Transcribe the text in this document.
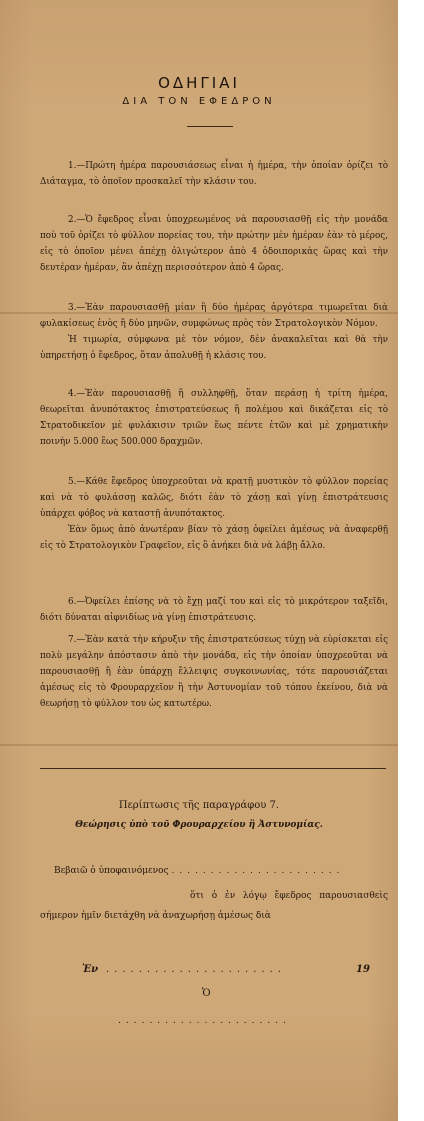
ΟΔΗΓΙΑΙ
ΔΙΑ ΤΟΝ ΕΦΕΔΡΟΝ
1.—Πρώτη ἡμέρα παρουσιάσεως εἶναι ἡ ἡμέρα, τὴν ὁποίαν ὁρίζει τὸ Διάταγμα, τὸ ὁποῖον προσκαλεῖ τὴν κλάσιν του.
2.—Ὁ ἔφεδρος εἶναι ὑποχρεωμένος νὰ παρουσιασθῇ εἰς τὴν μονάδα ποὺ τοῦ ὁρίζει τὸ φύλλον πορείας του, τὴν πρώτην μὲν ἡμέραν ἐὰν τὸ μέρος, εἰς τὸ ὁποῖον μένει ἀπέχῃ ὀλιγώτερον ἀπὸ 4 ὁδοιπορικὰς ὥρας καὶ τὴν δευτέραν ἡμέραν, ἂν ἀπέχῃ περισσότερον ἀπὸ 4 ὥρας.
3.—Ἐὰν παρουσιασθῇ μίαν ἢ δύο ἡμέρας ἀργότερα τιμωρεῖται διὰ φυλακίσεως ἑνὸς ἢ δύο μηνῶν, συμφώνως πρὸς τὸν Στρατολογικὸν Νόμον.
Ἡ τιμωρία, σύμφωνα μὲ τὸν νόμον, δὲν ἀνακαλεῖται καὶ θὰ τὴν ὑπηρετήσῃ ὁ ἔφεδρος, ὅταν ἀπολυθῇ ἡ κλάσις του.
4.—Ἐὰν παρουσιασθῇ ἢ συλληφθῇ, ὅταν περάσῃ ἡ τρίτη ἡμέρα, θεωρεῖται ἀνυπότακτος ἐπιστρατεύσεως ἢ πολέμου καὶ δικάζεται εἰς τὸ Στρατοδικεῖον μὲ φυλάκισιν τριῶν ἕως πέντε ἐτῶν καὶ μὲ χρηματικὴν ποινὴν 5.000 ἕως 500.000 δραχμῶν.
5.—Κάθε ἔφεδρος ὑποχρεοῦται νὰ κρατῇ μυστικὸν τὸ φύλλον πορείας καὶ νὰ τὸ φυλάσσῃ καλῶς, διότι ἐὰν τὸ χάσῃ καὶ γίνῃ ἐπιστράτευσις ὑπάρχει φόβος νὰ καταστῇ ἀνυπότακτος.
Ἐὰν ὅμως ἀπὸ ἀνωτέραν βίαν τὸ χάσῃ ὀφείλει ἀμέσως νὰ ἀναφερθῇ εἰς τὸ Στρατολογικὸν Γραφεῖον, εἰς ὃ ἀνήκει διὰ νὰ λάβῃ ἄλλο.
6.—Ὀφείλει ἐπίσης νὰ τὸ ἔχῃ μαζί του καὶ εἰς τὸ μικρότερον ταξεῖδι, διότι δύναται αἰφνιδίως νὰ γίνῃ ἐπιστράτευσις.
7.—Ἐὰν κατὰ τὴν κήρυξιν τῆς ἐπιστρατεύσεως τύχῃ νὰ εὑρίσκεται εἰς πολὺ μεγάλην ἀπόστασιν ἀπὸ τὴν μονάδα, εἰς τὴν ὁποίαν ὑποχρεοῦται νὰ παρουσιασθῇ ἢ ἐὰν ὑπάρχῃ ἔλλειψις συγκοινωνίας, τότε παρουσιάζεται ἀμέσως εἰς τὸ Φρουραρχεῖον ἢ τὴν Ἀστυνομίαν τοῦ τόπου ἐκείνου, διὰ νὰ θεωρήσῃ τὸ φύλλον του ὡς κατωτέρω.
Περίπτωσις τῆς παραγράφου 7.
Θεώρησις ὑπὸ τοῦ Φρουραρχείου ἢ Ἀστυνομίας.
Βεβαιῶ ὁ ὑποφαινόμενος ......................
ὅτι ὁ ἐν λόγῳ ἔφεδρος παρουσιασθεὶς σήμερον ἡμῖν διετάχθη νὰ ἀναχωρήσῃ ἀμέσως διὰ
Ἐν ......................	19
Ὁ
......................
